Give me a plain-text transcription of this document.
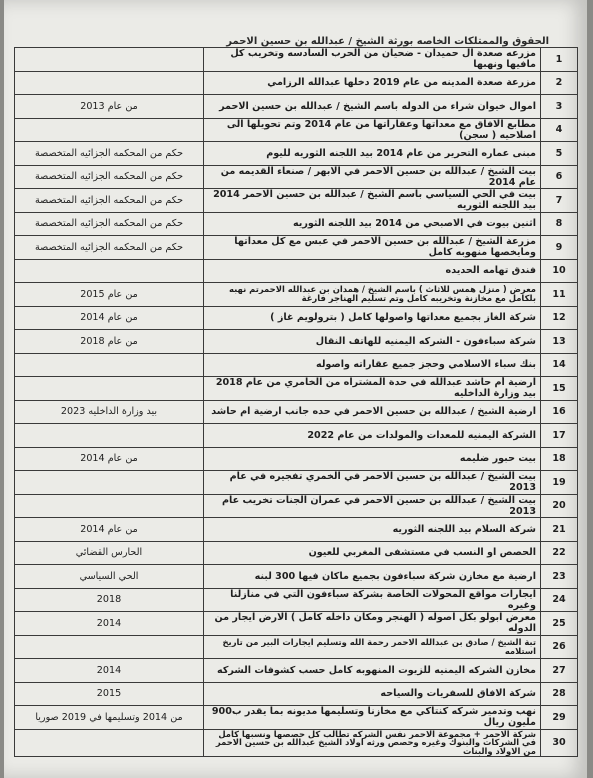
الحقوق والممتلكات الخاصه بورثة الشيخ / عبدالله بن حسين الاحمر
	مزرعه صعدة ال حميدان - ضحيان من الحرب السادسه وتخريب كل مافيها ونهبها	1
	مزرعة صعدة المدينه من عام 2019 دخلها عبدالله الرزامي	2
من عام 2013	اموال خيوان شراء من الدوله باسم الشيخ / عبدالله بن حسين الاحمر	3
	مطابع الافاق مع معداتها وعقاراتها من عام 2014 وتم تحويلها الى اصلاحيه ( سجن)	4
حكم من المحكمه الجزائيه المتخصصة	مبنى عماره التحرير من عام 2014 بيد اللجنه الثوريه لليوم	5
حكم من المحكمه الجزائيه المتخصصة	بيت الشيخ / عبدالله بن حسين الاحمر في الابهر / صنعاء القديمه من عام 2014	6
حكم من المحكمه الجزائيه المتخصصة	بيت في الحي السياسي باسم الشيخ / عبدالله بن حسين الاحمر 2014 بيد اللجنه الثوريه	7
حكم من المحكمه الجزائيه المتخصصة	اثنين بيوت في الاصبحي من 2014 بيد اللجنه الثوريه	8
حكم من المحكمه الجزائيه المتخصصة	مزرعة الشيخ / عبدالله بن حسين الاحمر في عبس مع كل معداتها ومايخصها منهوبه كامل	9
	فندق تهامه الحديده	10
من عام 2015	معرض ( منزل همس للاثاث ) باسم الشيخ / همدان بن عبدالله الاحمرتم نهبه بلكامل مع مخازنة وتخريبه كامل وتم تسليم الهناجر فارغة	11
من عام 2014	شركة الغاز بجميع معداتها واصولها كامل ( بترولويم غاز )	12
من عام 2018	شركة سباءفون - الشركه اليمنيه للهاتف النقال	13
	بنك سباء الاسلامي وحجز جميع عقاراته واصوله	14
	ارضية أم حاشد عبدالله في حدة المشتراه من الخامري من عام 2018 بيد وزارة الداخليه	15
بيد وزارة الداخليه 2023	ارضية الشيخ / عبدالله بن حسين الاحمر في حده جانب ارضية ام حاشد	16
	الشركة اليمنيه للمعدات والمولدات من عام 2022	17
من عام 2014	بيت حبور ضليمه	18
	بيت الشيخ / عبدالله بن حسين الاحمر في الخمري تفجيره في عام 2013	19
	بيت الشيخ / عبدالله بن حسين الاحمر في عمران الجنات تخريب عام 2013	20
من عام 2014	شركة السلام بيد اللجنه الثوريه	21
الحارس القضائي	الحصص او النسب في مستشفى المغربي للعيون	22
الحي السياسي	ارضية مع مخازن شركة سباءفون بجميع ماكان فيها 300 لبنه	23
2018	ايجارات مواقع المحولات الخاصة بشركة سباءفون التي في منازلنا وغيره	24
2014	معرض ابولو بكل اصوله ( الهنجر ومكان داخله كامل ) الارض ايجار من الدوله	25
	تبة الشيخ / صادق بن عبدالله الاحمر رحمة الله وتسليم ايجارات البير من تاريخ استلامه	26
2014	مخازن الشركه اليمنيه للزيوت المنهوبه كامل حسب كشوفات الشركه	27
2015	شركة الافاق للسفريات والسياحه	28
من 2014 وتسليمها في 2019 صوريا	نهب وتدمير شركه كنتاكي مع مخازنا وتسليمها مديونه بما يقدر ب900 مليون ريال	29
	شركة الاحمر + مجموعة الاحمر نفس الشركه تطالب كل حصصها ونسبها كامل في الشركات والبنوك وغيره وحصص ورثه اولاد الشيخ عبدالله بن حسين الاحمر من الاولاد والبنات	30
